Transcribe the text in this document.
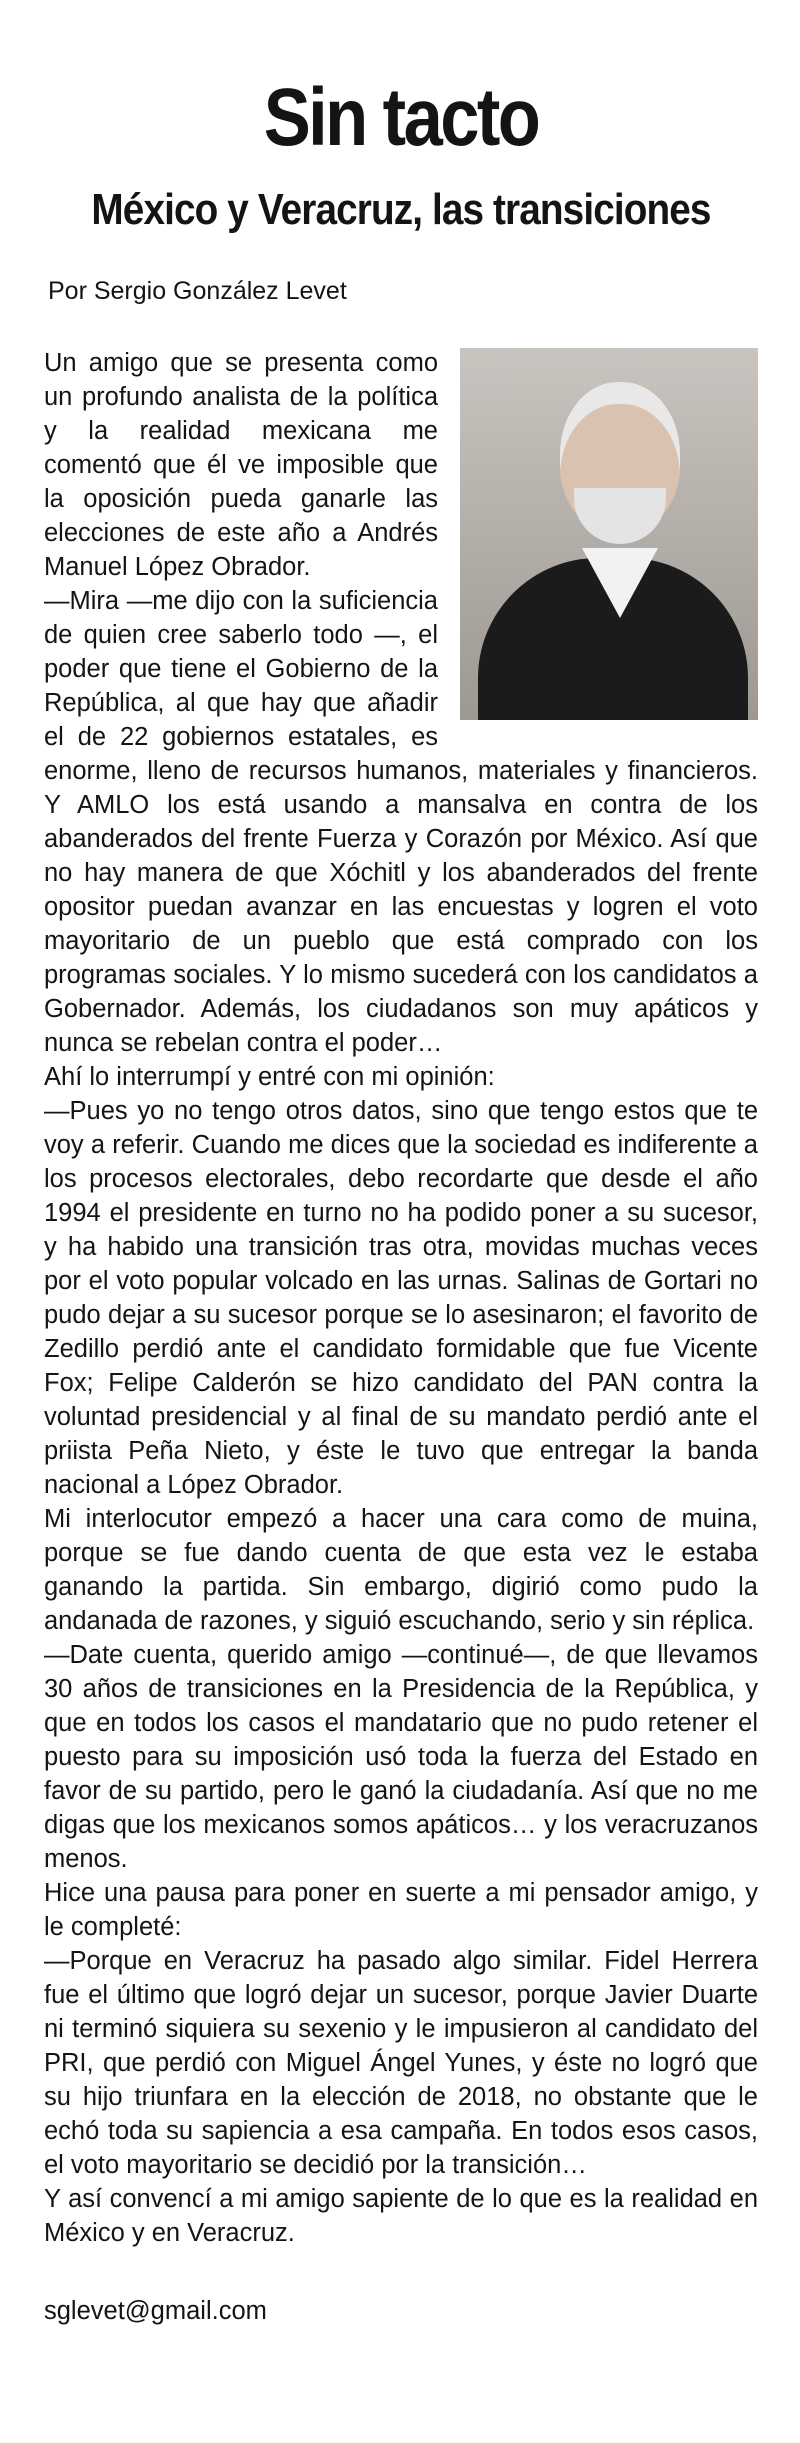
Sin tacto
México y Veracruz, las transiciones
Por Sergio González Levet

Un amigo que se presenta como un profundo analista de la política y la realidad mexicana me comentó que él ve imposible que la oposición pueda ganarle las elecciones de este año a Andrés Manuel López Obrador.

—Mira —me dijo con la suficiencia de quien cree saberlo todo —, el poder que tiene el Gobierno de la República, al que hay que añadir el de 22 gobiernos estatales, es enorme, lleno de recursos humanos, materiales y financieros. Y AMLO los está usando a mansalva en contra de los abanderados del frente Fuerza y Corazón por México. Así que no hay manera de que Xóchitl y los abanderados del frente opositor puedan avanzar en las encuestas y logren el voto mayoritario de un pueblo que está comprado con los programas sociales. Y lo mismo sucederá con los candidatos a Gobernador. Además, los ciudadanos son muy apáticos y nunca se rebelan contra el poder…

Ahí lo interrumpí y entré con mi opinión:

—Pues yo no tengo otros datos, sino que tengo estos que te voy a referir. Cuando me dices que la sociedad es indiferente a los procesos electorales, debo recordarte que desde el año 1994 el presidente en turno no ha podido poner a su sucesor, y ha habido una transición tras otra, movidas muchas veces por el voto popular volcado en las urnas. Salinas de Gortari no pudo dejar a su sucesor porque se lo asesinaron; el favorito de Zedillo perdió ante el candidato formidable que fue Vicente Fox; Felipe Calderón se hizo candidato del PAN contra la voluntad presidencial y al final de su mandato perdió ante el priista Peña Nieto, y éste le tuvo que entregar la banda nacional a López Obrador.

Mi interlocutor empezó a hacer una cara como de muina, porque se fue dando cuenta de que esta vez le estaba ganando la partida. Sin embargo, digirió como pudo la andanada de razones, y siguió escuchando, serio y sin réplica.

—Date cuenta, querido amigo —continué—, de que llevamos 30 años de transiciones en la Presidencia de la República, y que en todos los casos el mandatario que no pudo retener el puesto para su imposición usó toda la fuerza del Estado en favor de su partido, pero le ganó la ciudadanía. Así que no me digas que los mexicanos somos apáticos… y los veracruzanos menos.

Hice una pausa para poner en suerte a mi pensador amigo, y le completé:

—Porque en Veracruz ha pasado algo similar. Fidel Herrera fue el último que logró dejar un sucesor, porque Javier Duarte ni terminó siquiera su sexenio y le impusieron al candidato del PRI, que perdió con Miguel Ángel Yunes, y éste no logró que su hijo triunfara en la elección de 2018, no obstante que le echó toda su sapiencia a esa campaña. En todos esos casos, el voto mayoritario se decidió por la transición…

Y así convencí a mi amigo sapiente de lo que es la realidad en México y en Veracruz.

sglevet@gmail.com
